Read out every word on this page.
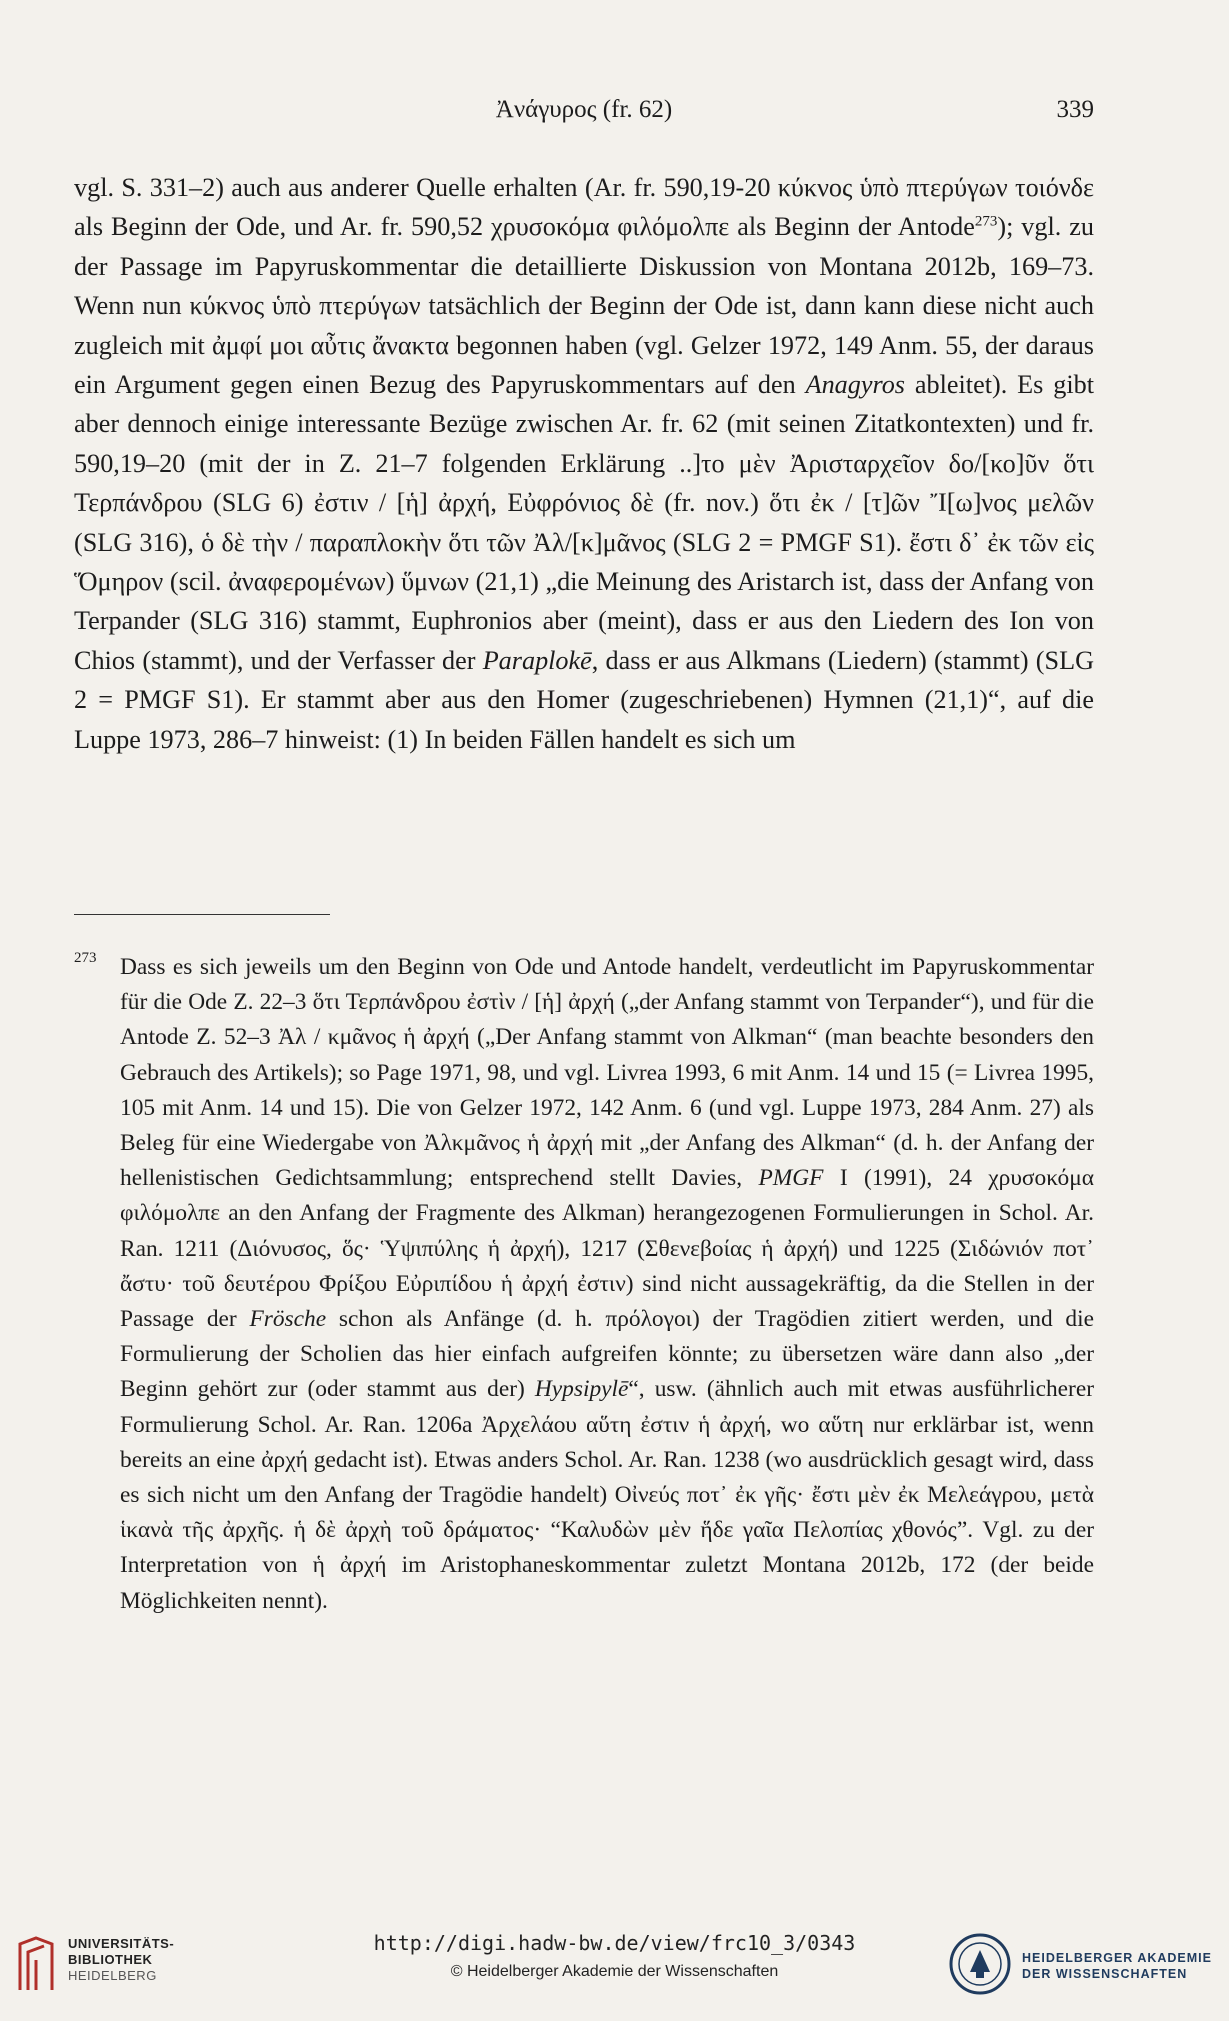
Ἀνάγυρος (fr. 62)	339

vgl. S. 331–2) auch aus anderer Quelle erhalten (Ar. fr. 590,19-20 κύκνος ὑπὸ πτερύγων τοιόνδε als Beginn der Ode, und Ar. fr. 590,52 χρυσοκόμα φιλόμολπε als Beginn der Antode$^{273}$); vgl. zu der Passage im Papyruskommentar die detaillierte Diskussion von Montana 2012b, 169–73. Wenn nun κύκνος ὑπὸ πτερύγων tatsächlich der Beginn der Ode ist, dann kann diese nicht auch zugleich mit ἀμφί μοι αὖτις ἄνακτα begonnen haben (vgl. Gelzer 1972, 149 Anm. 55, der daraus ein Argument gegen einen Bezug des Papyruskommentars auf den Anagyros ableitet). Es gibt aber dennoch einige interessante Bezüge zwischen Ar. fr. 62 (mit seinen Zitatkontexten) und fr. 590,19–20 (mit der in Z. 21–7 folgenden Erklärung ..]το μὲν Ἀρισταρχεῖον δο/[κο]ῦν ὅτι Τερπάνδρου (SLG 6) ἐστιν / [ἡ] ἀρχή, Εὐφρόνιος δὲ (fr. nov.) ὅτι ἐκ / [τ]ῶν Ἴ[ω]νος μελῶν (SLG 316), ὁ δὲ τὴν / παραπλοκὴν ὅτι τῶν Ἀλ/[κ]μᾶνος (SLG 2 = PMGF S1). ἔστι δ᾽ ἐκ τῶν εἰς Ὅμηρον (scil. ἀναφερομένων) ὕμνων (21,1) „die Meinung des Aristarch ist, dass der Anfang von Terpander (SLG 316) stammt, Euphronios aber (meint), dass er aus den Liedern des Ion von Chios (stammt), und der Verfasser der Paraplokē, dass er aus Alkmans (Liedern) (stammt) (SLG 2 = PMGF S1). Er stammt aber aus den Homer (zugeschriebenen) Hymnen (21,1)“, auf die Luppe 1973, 286–7 hinweist: (1) In beiden Fällen handelt es sich um

273 Dass es sich jeweils um den Beginn von Ode und Antode handelt, verdeutlicht im Papyruskommentar für die Ode Z. 22–3 ὅτι Τερπάνδρου ἐστὶν / [ἡ] ἀρχή („der Anfang stammt von Terpander“), und für die Antode Z. 52–3 Ἀλ / κμᾶνος ἡ ἀρχή („Der Anfang stammt von Alkman“ (man beachte besonders den Gebrauch des Artikels); so Page 1971, 98, und vgl. Livrea 1993, 6 mit Anm. 14 und 15 (= Livrea 1995, 105 mit Anm. 14 und 15). Die von Gelzer 1972, 142 Anm. 6 (und vgl. Luppe 1973, 284 Anm. 27) als Beleg für eine Wiedergabe von Ἀλκμᾶνος ἡ ἀρχή mit „der Anfang des Alkman“ (d. h. der Anfang der hellenistischen Gedichtsammlung; entsprechend stellt Davies, PMGF I (1991), 24 χρυσοκόμα φιλόμολπε an den Anfang der Fragmente des Alkman) herangezogenen Formulierungen in Schol. Ar. Ran. 1211 (Διόνυσος, ὅς· Ὑψιπύλης ἡ ἀρχή), 1217 (Σθενεβοίας ἡ ἀρχή) und 1225 (Σιδώνιόν ποτ᾽ ἄστυ· τοῦ δευτέρου Φρίξου Εὐριπίδου ἡ ἀρχή ἐστιν) sind nicht aussagekräftig, da die Stellen in der Passage der Frösche schon als Anfänge (d. h. πρόλογοι) der Tragödien zitiert werden, und die Formulierung der Scholien das hier einfach aufgreifen könnte; zu übersetzen wäre dann also „der Beginn gehört zur (oder stammt aus der) Hypsipylē“, usw. (ähnlich auch mit etwas ausführlicherer Formulierung Schol. Ar. Ran. 1206a Ἀρχελάου αὕτη ἐστιν ἡ ἀρχή, wo αὕτη nur erklärbar ist, wenn bereits an eine ἀρχή gedacht ist). Etwas anders Schol. Ar. Ran. 1238 (wo ausdrücklich gesagt wird, dass es sich nicht um den Anfang der Tragödie handelt) Οἰνεύς ποτ᾽ ἐκ γῆς· ἔστι μὲν ἐκ Μελεάγρου, μετὰ ἱκανὰ τῆς ἀρχῆς. ἡ δὲ ἀρχὴ τοῦ δράματος· “Καλυδὼν μὲν ἥδε γαῖα Πελοπίας χθονός”. Vgl. zu der Interpretation von ἡ ἀρχή im Aristophaneskommentar zuletzt Montana 2012b, 172 (der beide Möglichkeiten nennt).
UNIVERSITÄTS-
BIBLIOTHEK
HEIDELBERG
http://digi.hadw-bw.de/view/frc10_3/0343
© Heidelberger Akademie der Wissenschaften
HEIDELBERGER AKADEMIE
DER WISSENSCHAFTEN
